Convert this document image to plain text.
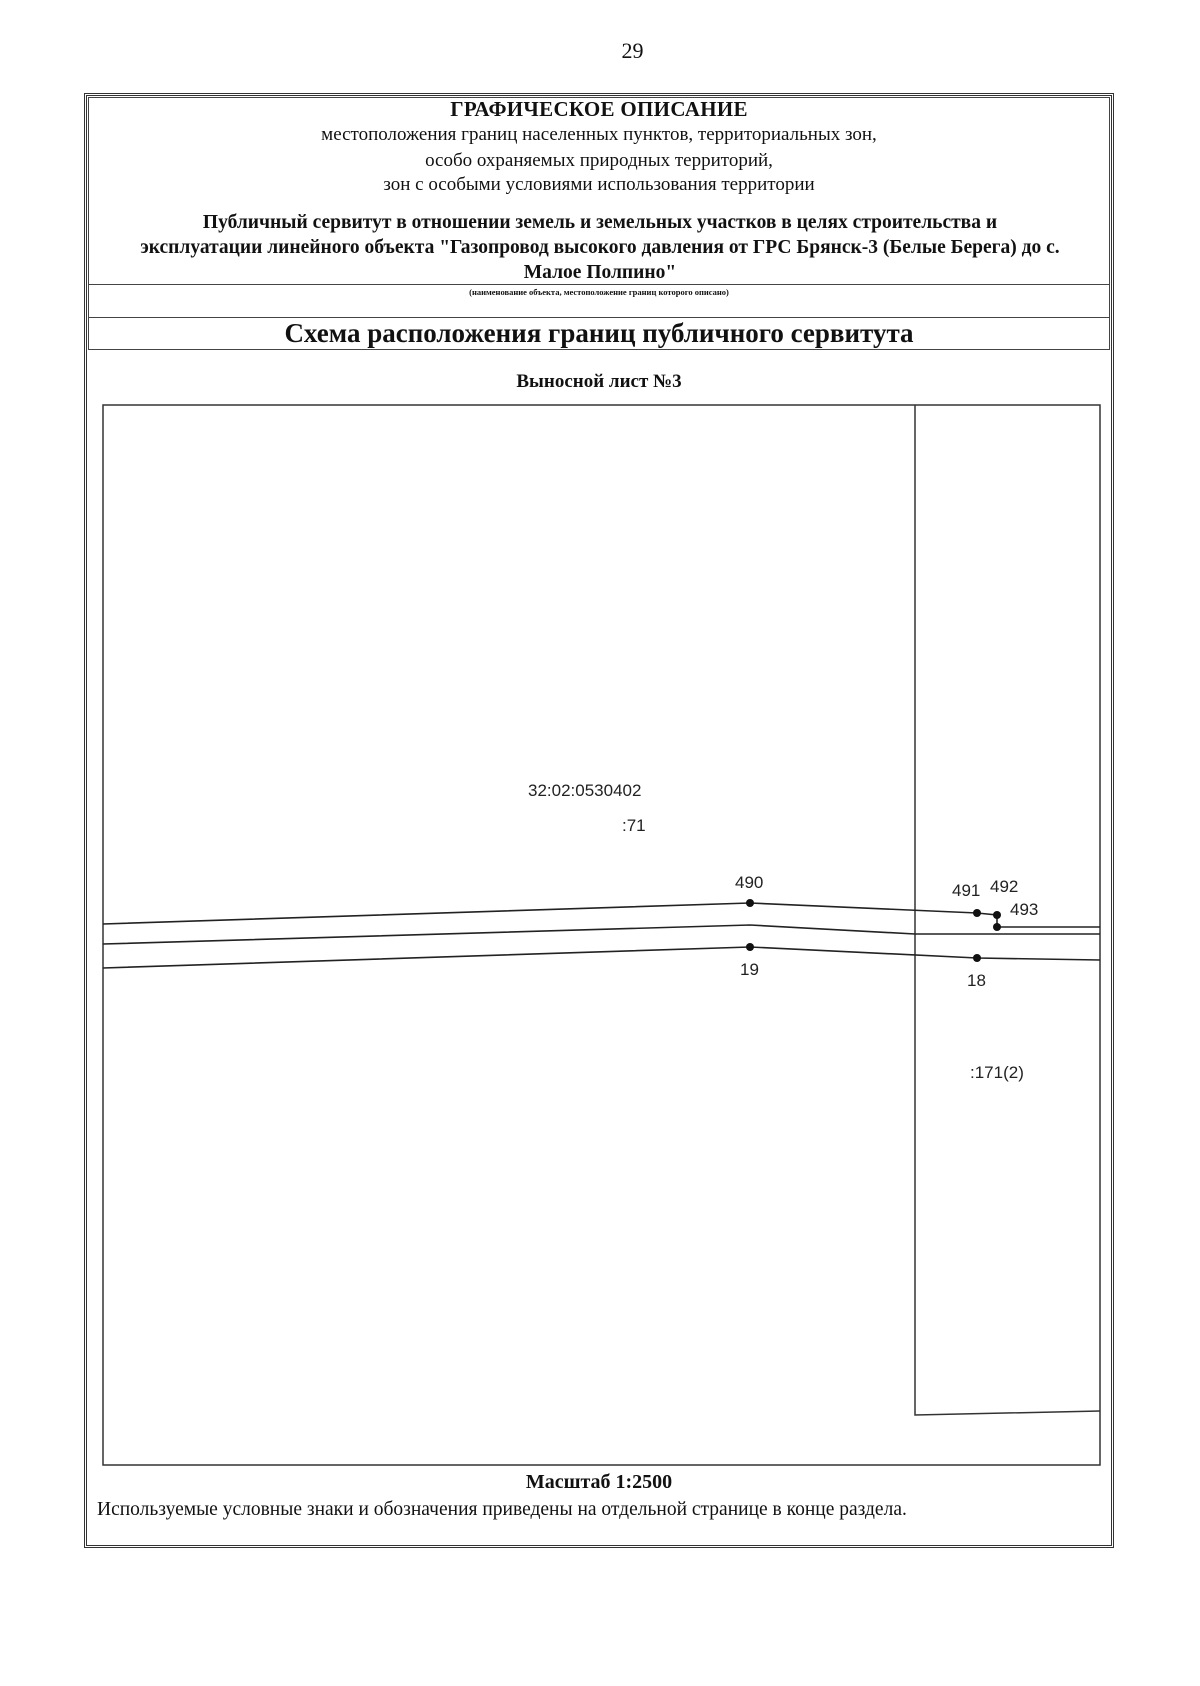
29
ГРАФИЧЕСКОЕ ОПИСАНИЕ
местоположения границ населенных пунктов, территориальных зон,
особо охраняемых природных территорий,
зон с особыми условиями использования территории
Публичный сервитут в отношении земель и земельных участков в целях строительства и эксплуатации линейного объекта "Газопровод высокого давления от ГРС Брянск-3 (Белые Берега) до с. Малое Полпино"
(наименование объекта, местоположение границ которого описано)
Схема расположения границ публичного сервитута
Выносной лист №3
32:02:0530402
:71
:171(2)
490	491 492
493
19
18
Масштаб 1:2500
Используемые условные знаки и обозначения приведены на отдельной странице в конце раздела.
